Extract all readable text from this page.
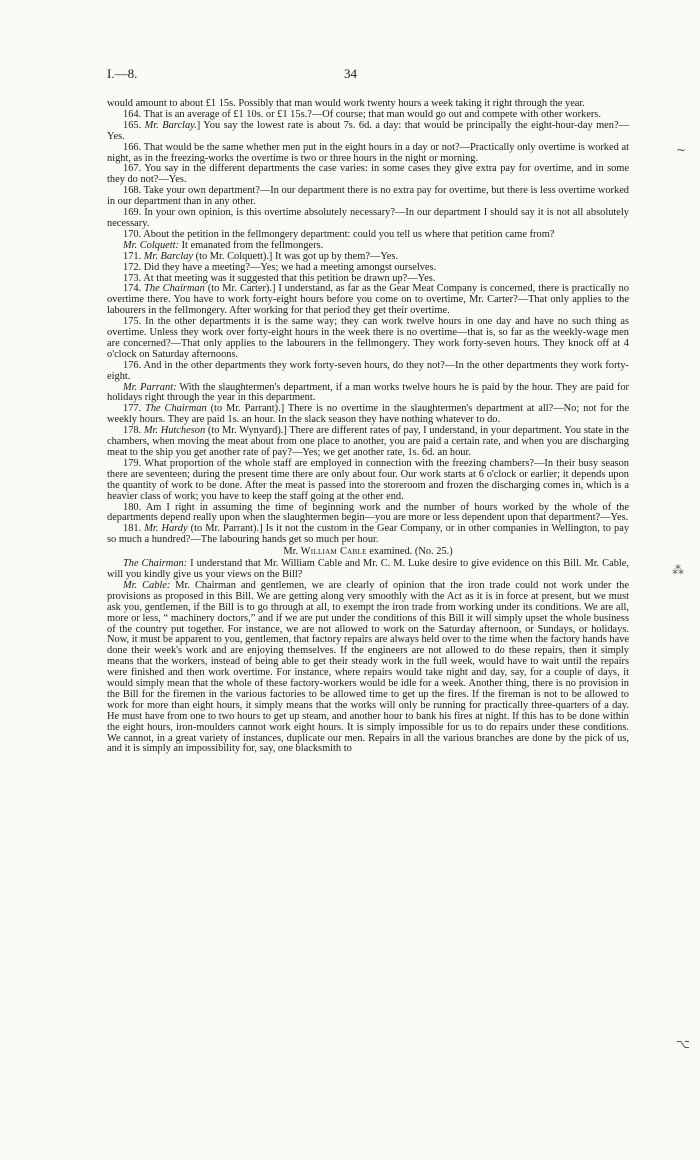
I.—8.	34
~

would amount to about £1 15s. Possibly that man would work twenty hours a week taking it right through the year.

164. That is an average of £1 10s. or £1 15s.?—Of course; that man would go out and compete with other workers.

165. Mr. Barclay.] You say the lowest rate is about 7s. 6d. a day: that would be principally the eight-hour-day men?—Yes.

166. That would be the same whether men put in the eight hours in a day or not?—Practically only overtime is worked at night, as in the freezing-works the overtime is two or three hours in the night or morning.

167. You say in the different departments the case varies: in some cases they give extra pay for overtime, and in some they do not?—Yes.

168. Take your own department?—In our department there is no extra pay for overtime, but there is less overtime worked in our department than in any other.

169. In your own opinion, is this overtime absolutely necessary?—In our department I should say it is not all absolutely necessary.

170. About the petition in the fellmongery department: could you tell us where that petition came from?

Mr. Colquett: It emanated from the fellmongers.

171. Mr. Barclay (to Mr. Colquett).] It was got up by them?—Yes.

172. Did they have a meeting?—Yes; we had a meeting amongst ourselves.

173. At that meeting was it suggested that this petition be drawn up?—Yes.

174. The Chairman (to Mr. Carter).] I understand, as far as the Gear Meat Company is concerned, there is practically no overtime there. You have to work forty-eight hours before you come on to overtime, Mr. Carter?—That only applies to the labourers in the fellmongery. After working for that period they get their overtime.

175. In the other departments it is the same way; they can work twelve hours in one day and have no such thing as overtime. Unless they work over forty-eight hours in the week there is no overtime—that is, so far as the weekly-wage men are concerned?—That only applies to the labourers in the fellmongery. They work forty-seven hours. They knock off at 4 o'clock on Saturday afternoons.

176. And in the other departments they work forty-seven hours, do they not?—In the other departments they work forty-eight.

Mr. Parrant: With the slaughtermen's department, if a man works twelve hours he is paid by the hour. They are paid for holidays right through the year in this department.

177. The Chairman (to Mr. Parrant).] There is no overtime in the slaughtermen's department at all?—No; not for the weekly hours. They are paid 1s. an hour. In the slack season they have nothing whatever to do.

178. Mr. Hutcheson (to Mr. Wynyard).] There are different rates of pay, I understand, in your department. You state in the chambers, when moving the meat about from one place to another, you are paid a certain rate, and when you are discharging meat to the ship you get another rate of pay?—Yes; we get another rate, 1s. 6d. an hour.

179. What proportion of the whole staff are employed in connection with the freezing chambers?—In their busy season there are seventeen; during the present time there are only about four. Our work starts at 6 o'clock or earlier; it depends upon the quantity of work to be done. After the meat is passed into the storeroom and frozen the discharging comes in, which is a heavier class of work; you have to keep the staff going at the other end.

180. Am I right in assuming the time of beginning work and the number of hours worked by the whole of the departments depend really upon when the slaughtermen begin—you are more or less dependent upon that department?—Yes.

181. Mr. Hardy (to Mr. Parrant).] Is it not the custom in the Gear Company, or in other companies in Wellington, to pay so much a hundred?—The labouring hands get so much per hour.

Mr. William Cable examined. (No. 25.)

The Chairman: I understand that Mr. William Cable and Mr. C. M. Luke desire to give evidence on this Bill. Mr. Cable, will you kindly give us your views on the Bill?

Mr. Cable: Mr. Chairman and gentlemen, we are clearly of opinion that the iron trade could not work under the provisions as proposed in this Bill. We are getting along very smoothly with the Act as it is in force at present, but we must ask you, gentlemen, if the Bill is to go through at all, to exempt the iron trade from working under its conditions. We are all, more or less, “ machinery doctors,” and if we are put under the conditions of this Bill it will simply upset the whole business of the country put together. For instance, we are not allowed to work on the Saturday afternoon, or Sundays, or holidays. Now, it must be apparent to you, gentlemen, that factory repairs are always held over to the time when the factory hands have done their week's work and are enjoying themselves. If the engineers are not allowed to do these repairs, then it simply means that the workers, instead of being able to get their steady work in the full week, would have to wait until the repairs were finished and then work overtime. For instance, where repairs would take night and day, say, for a couple of days, it would simply mean that the whole of these factory-workers would be idle for a week. Another thing, there is no provision in the Bill for the firemen in the various factories to be allowed time to get up the fires. If the fireman is not to be allowed to work for more than eight hours, it simply means that the works will only be running for practically three-quarters of a day. He must have from one to two hours to get up steam, and another hour to bank his fires at night. If this has to be done within the eight hours, iron-moulders cannot work eight hours. It is simply impossible for us to do repairs under these conditions. We cannot, in a great variety of instances, duplicate our men. Repairs in all the various branches are done by the pick of us, and it is simply an impossibility for, say, one blacksmith to

⁂
⌥
